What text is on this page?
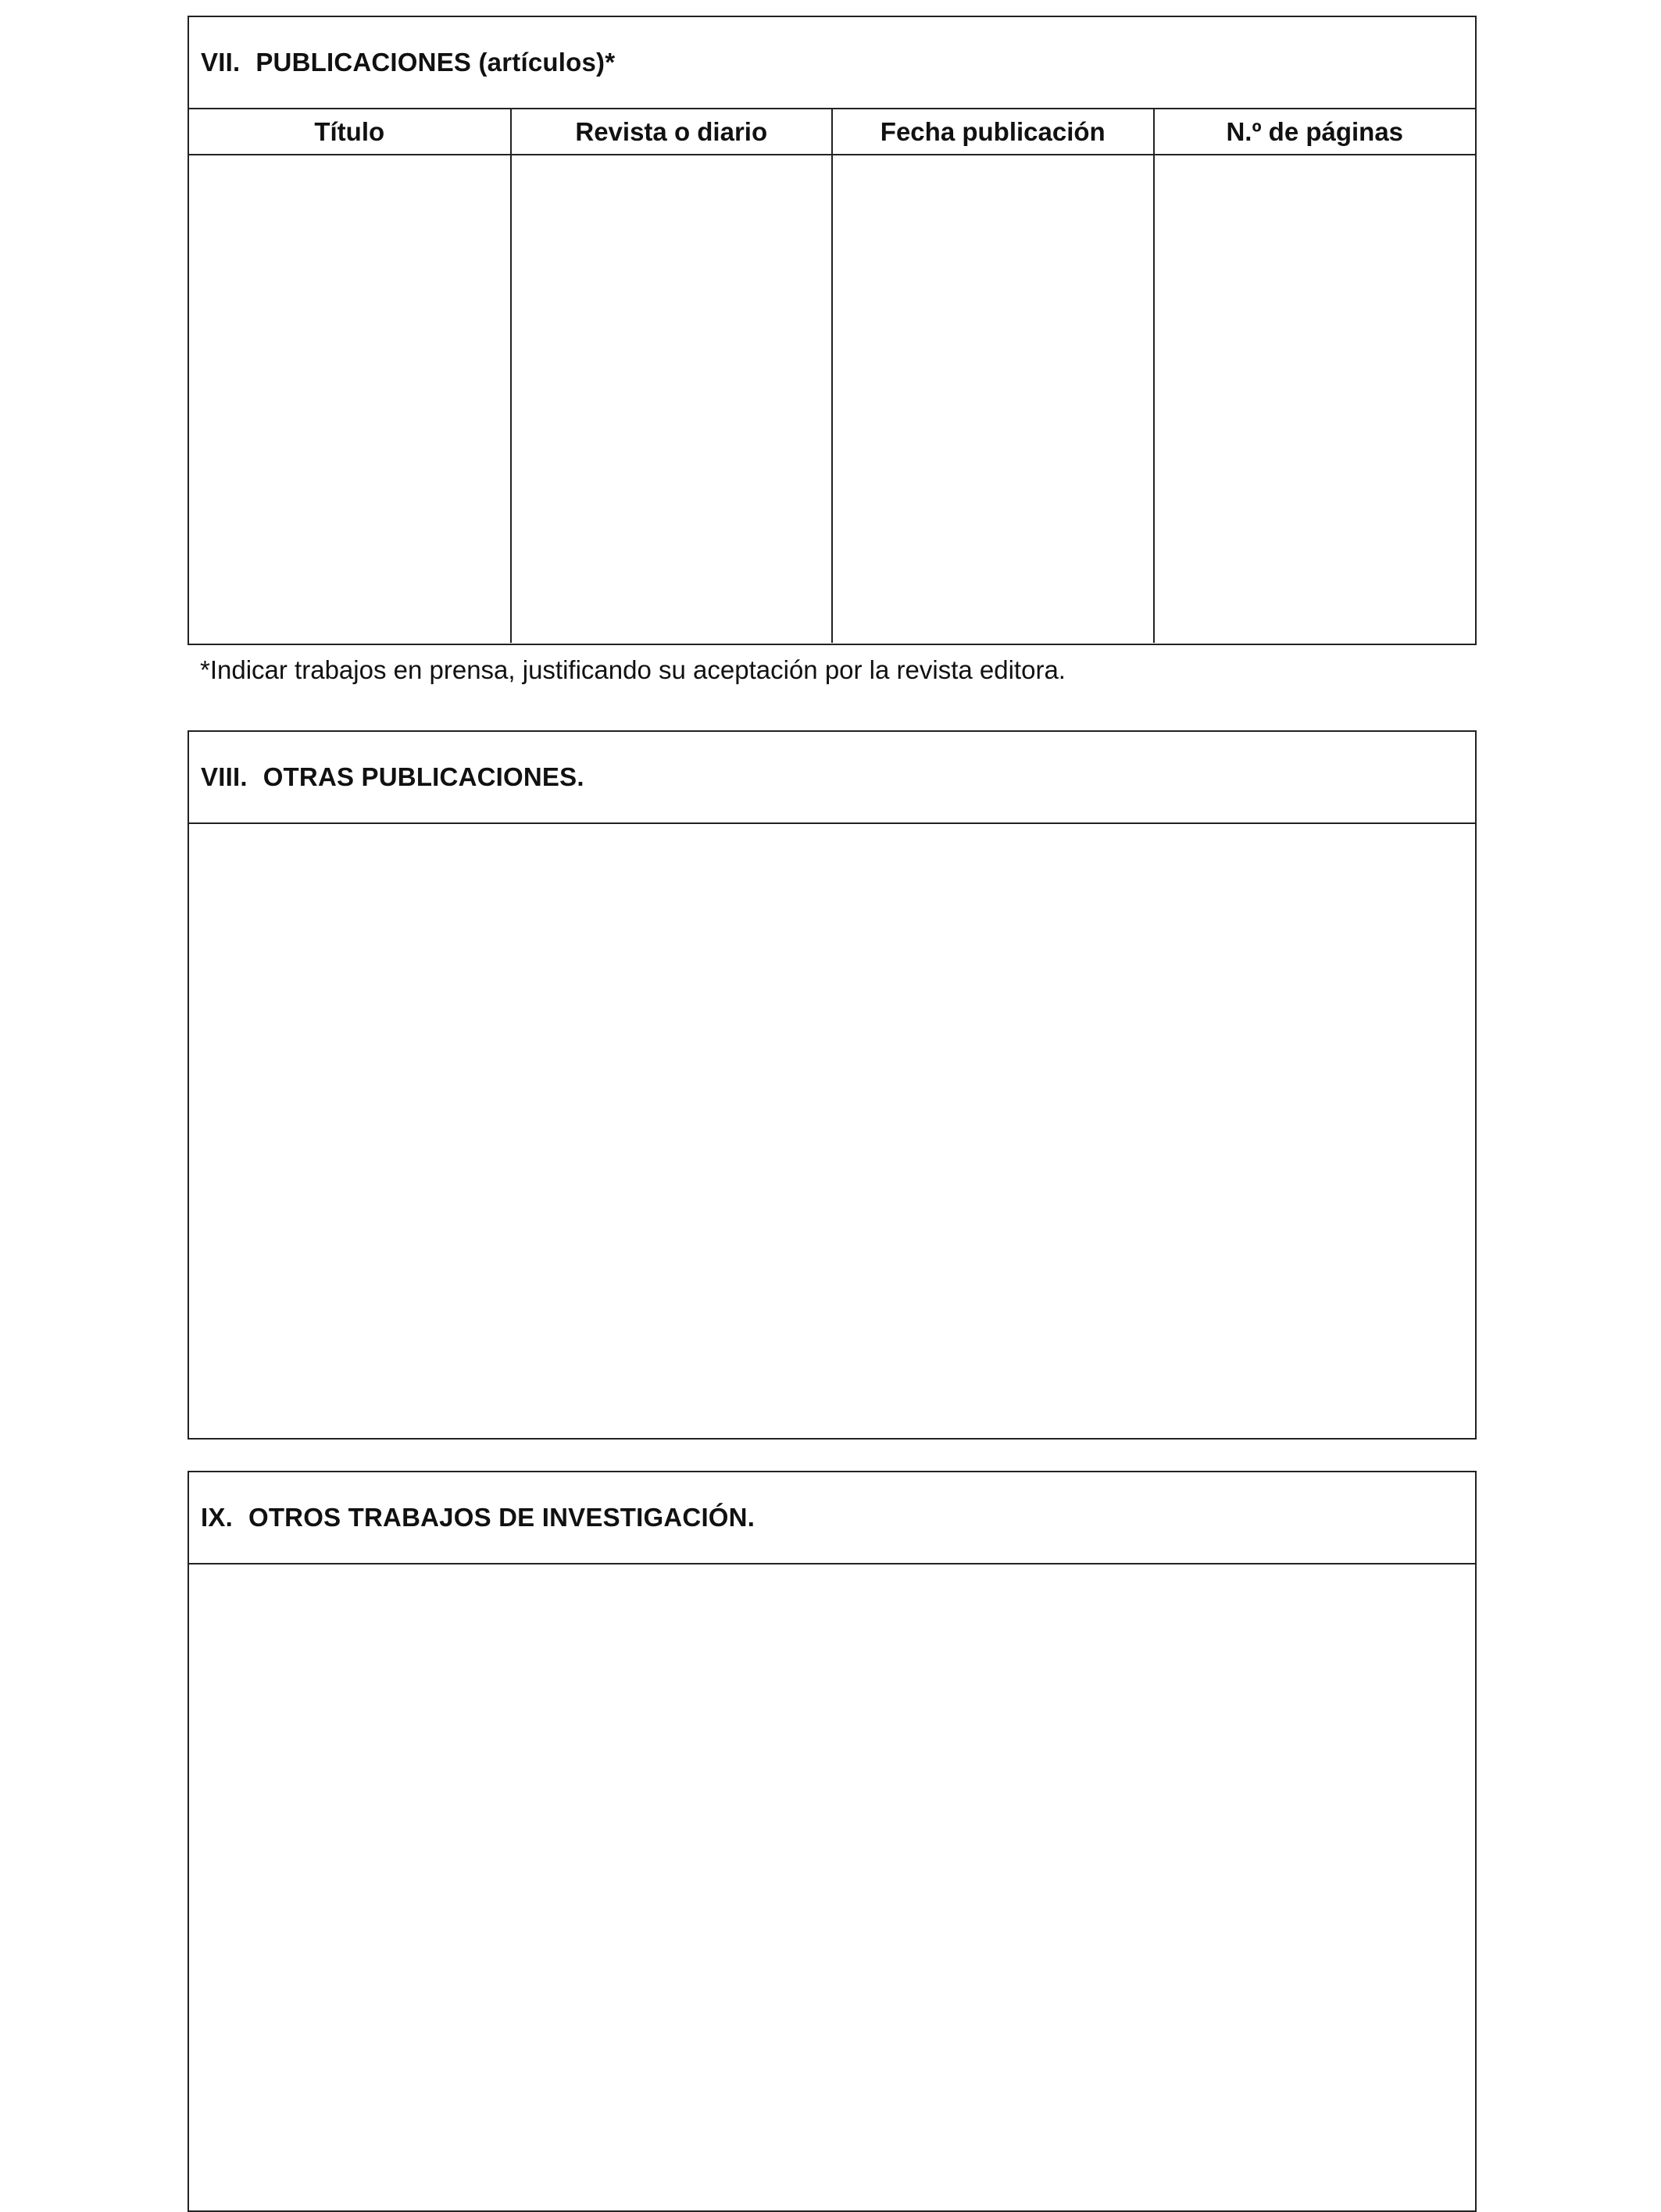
VII. PUBLICACIONES (artículos)*
Título	Revista o diario	Fecha publicación	N.º de páginas

*Indicar trabajos en prensa, justificando su aceptación por la revista editora.
VIII. OTRAS PUBLICACIONES.
IX. OTROS TRABAJOS DE INVESTIGACIÓN.
